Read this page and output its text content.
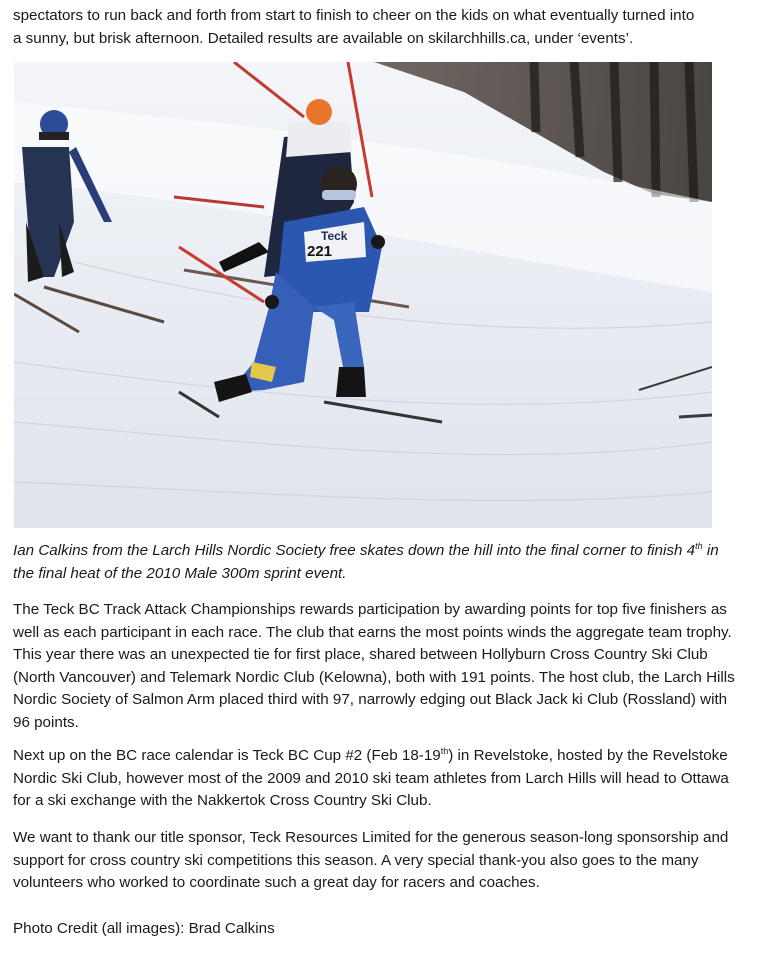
spectators to run back and forth from start to finish to cheer on the kids on what eventually turned into
a sunny, but brisk afternoon. Detailed results are available on skilarchhills.ca, under ‘events’.
Teck
221
Ian Calkins from the Larch Hills Nordic Society free skates down the hill into the final corner to finish 4th in the final heat of the 2010 Male 300m sprint event.

The Teck BC Track Attack Championships rewards participation by awarding points for top five finishers as well as each participant in each race. The club that earns the most points winds the aggregate team trophy. This year there was an unexpected tie for first place, shared between Hollyburn Cross Country Ski Club (North Vancouver) and Telemark Nordic Club (Kelowna), both with 191 points. The host club, the Larch Hills Nordic Society of Salmon Arm placed third with 97, narrowly edging out Black Jack ki Club (Rossland) with 96 points.

Next up on the BC race calendar is Teck BC Cup #2 (Feb 18-19th) in Revelstoke, hosted by the Revelstoke Nordic Ski Club, however most of the 2009 and 2010 ski team athletes from Larch Hills will head to Ottawa for a ski exchange with the Nakkertok Cross Country Ski Club.

We want to thank our title sponsor, Teck Resources Limited for the generous season-long sponsorship and support for cross country ski competitions this season. A very special thank-you also goes to the many volunteers who worked to coordinate such a great day for racers and coaches.

Photo Credit (all images): Brad Calkins
